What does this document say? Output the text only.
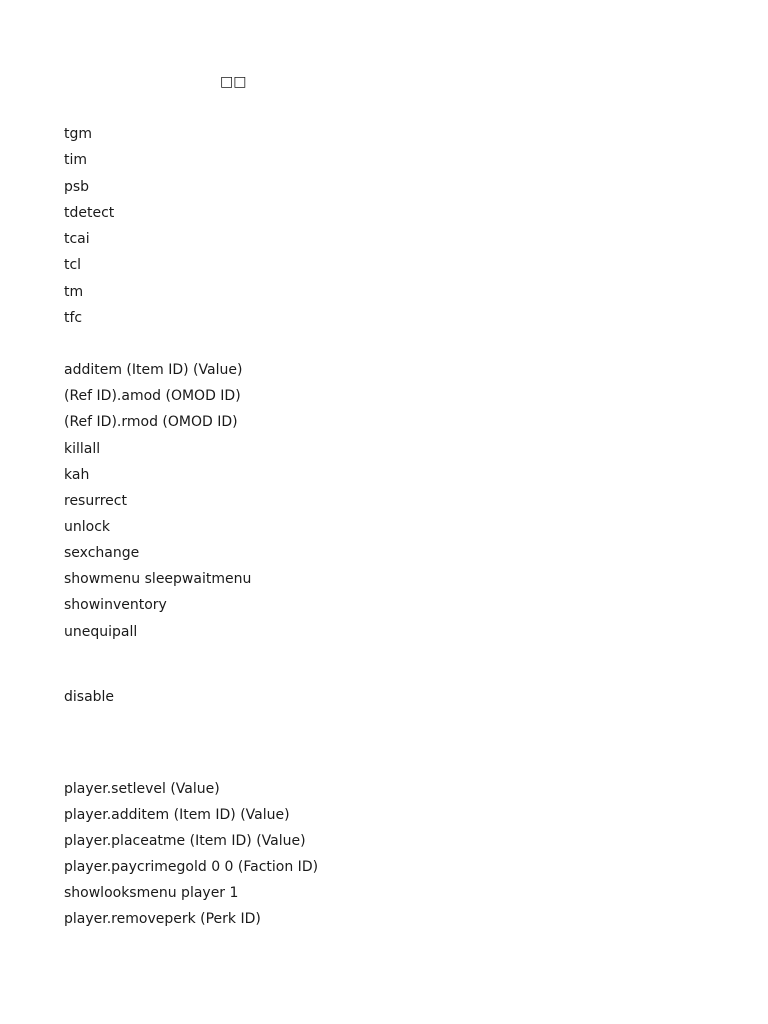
□□
tgm
tim
psb
tdetect
tcai
tcl
tm
tfc
additem (Item ID) (Value)
(Ref ID).amod (OMOD ID)
(Ref ID).rmod (OMOD ID)
killall
kah
resurrect
unlock
sexchange
showmenu sleepwaitmenu
showinventory
unequipall
disable
player.setlevel (Value)
player.additem (Item ID) (Value)
player.placeatme (Item ID) (Value)
player.paycrimegold 0 0 (Faction ID)
showlooksmenu player 1
player.removeperk (Perk ID)
